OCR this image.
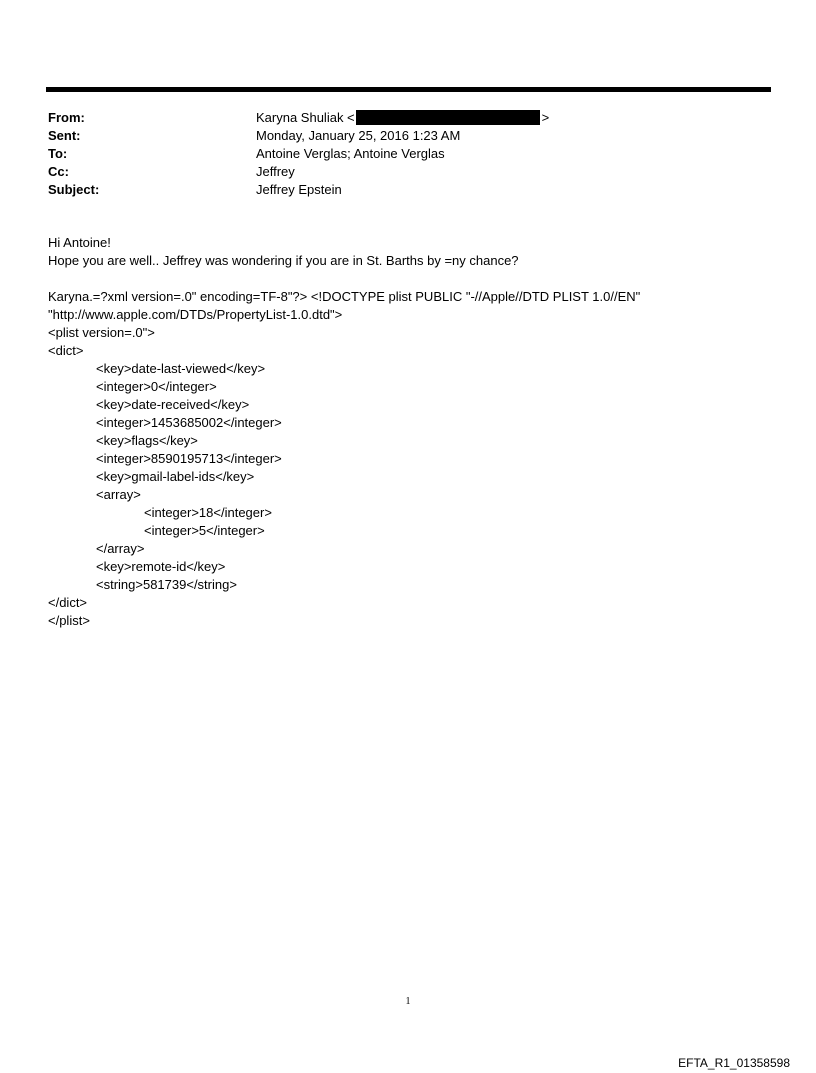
From:	Karyna Shuliak <	>
Sent:	Monday, January 25, 2016 1:23 AM
To:	Antoine Verglas; Antoine Verglas
Cc:	Jeffrey
Subject:	Jeffrey Epstein
Hi Antoine!
Hope you are well.. Jeffrey was wondering if you are in St. Barths by =ny chance?
Karyna.=?xml version=.0" encoding=TF-8"?> <!DOCTYPE plist PUBLIC "-//Apple//DTD PLIST 1.0//EN"
"http://www.apple.com/DTDs/PropertyList-1.0.dtd">
<plist version=.0">
<dict>
<key>date-last-viewed</key>
<integer>0</integer>
<key>date-received</key>
<integer>1453685002</integer>
<key>flags</key>
<integer>8590195713</integer>
<key>gmail-label-ids</key>
<array>
<integer>18</integer>
<integer>5</integer>
</array>
<key>remote-id</key>
<string>581739</string>
</dict>
</plist>
1
EFTA_R1_01358598
